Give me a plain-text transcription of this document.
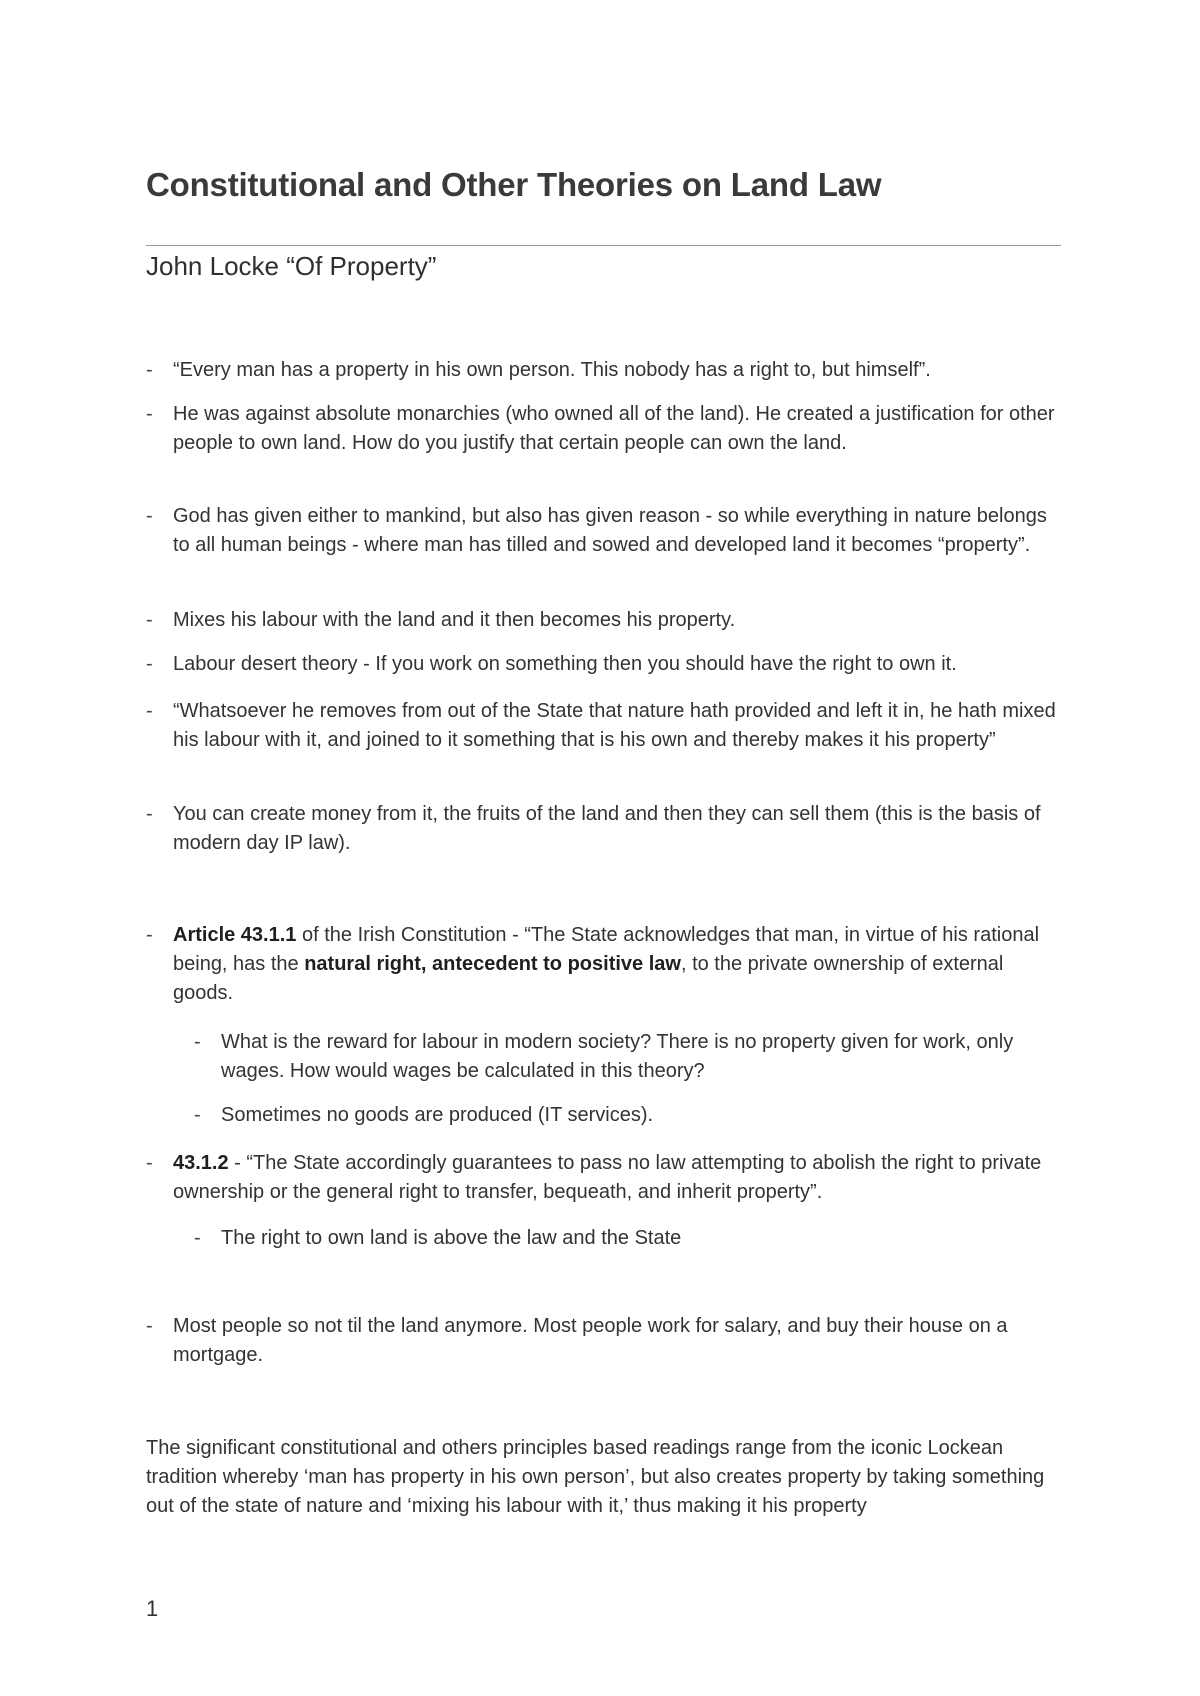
Constitutional and Other Theories on Land Law
John Locke “Of Property”
-	“Every man has a property in his own person. This nobody has a right to, but himself”.
-	He was against absolute monarchies (who owned all of the land). He created a justification for other people to own land. How do you justify that certain people can own the land.
-	God has given either to mankind, but also has given reason - so while everything in nature belongs to all human beings - where man has tilled and sowed and developed land it becomes “property”.
-	Mixes his labour with the land and it then becomes his property.
-	Labour desert theory - If you work on something then you should have the right to own it.
-	“Whatsoever he removes from out of the State that nature hath provided and left it in, he hath mixed his labour with it, and joined to it something that is his own and thereby makes it his property”
-	You can create money from it, the fruits of the land and then they can sell them (this is the basis of modern day IP law).
-	Article 43.1.1 of the Irish Constitution - “The State acknowledges that man, in virtue of his rational being, has the natural right, antecedent to positive law, to the private ownership of external goods.
-	What is the reward for labour in modern society? There is no property given for work, only wages. How would wages be calculated in this theory?
-	Sometimes no goods are produced (IT services).
-	43.1.2 - “The State accordingly guarantees to pass no law attempting to abolish the right to private ownership or the general right to transfer, bequeath, and inherit property”.
-	The right to own land is above the law and the State
-	Most people so not til the land anymore. Most people work for salary, and buy their house on a mortgage.

The significant constitutional and others principles based readings range from the iconic Lockean tradition whereby ‘man has property in his own person’, but also creates property by taking something out of the state of nature and ‘mixing his labour with it,’ thus making it his property

1
